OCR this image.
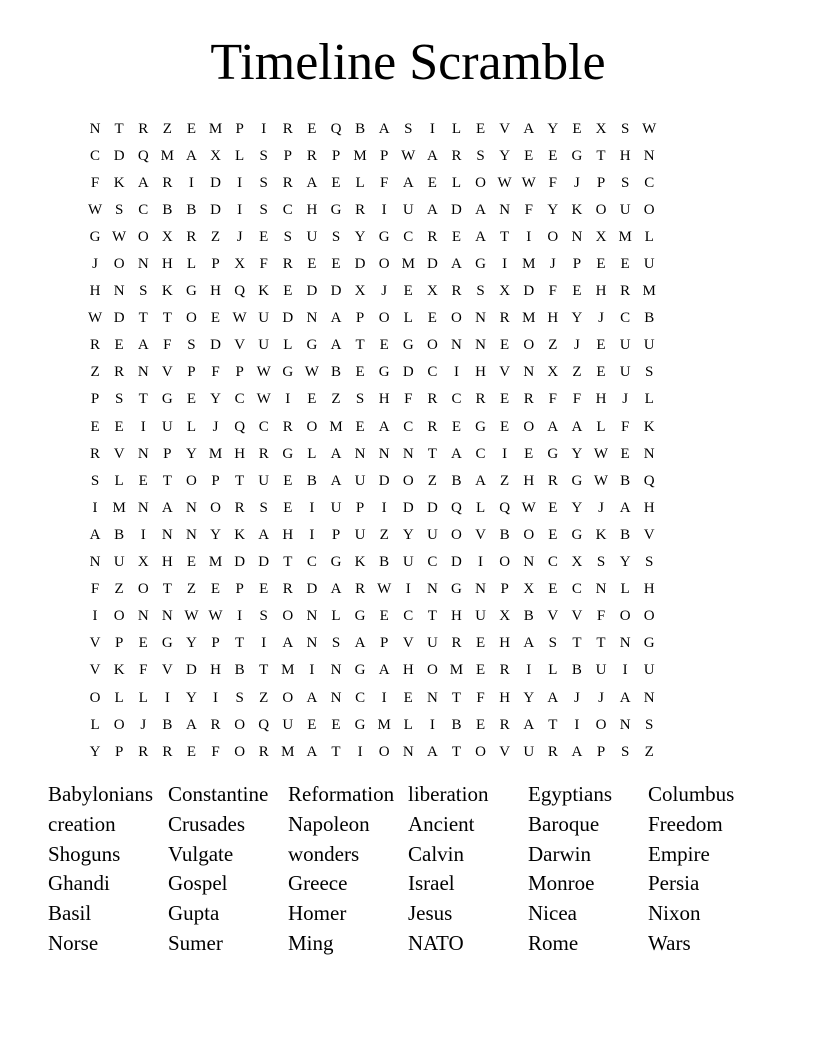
Timeline Scramble
N T R Z E M P	I	R E Q B A S	I	L E V A Y E X S W
C D Q M A X L	S	P R P M P W A R S Y E E G T H N
F K A R	I	D	I	S R A E L	F A E L O W W F	J	P	S C
W S C B B D	I	S C H G R	I	U A D A N F Y K O U O
G W O X R Z	J	E	S U S Y G C R E A T	I	O N X M L
J	O N H L	P X F R E E D O M D A G	I M J	P	E E U
H N S K G H Q K E D D X	J	E X R S X D F	E H R M
W D T T O E W U D N A P O L E O N R M H Y	J	C B
R E A F	S D V U L G A T E G O N N E O Z	J	E U U
Z R N V P	F	P W G W B E G D C	I	H V N X Z E U S
P	S	T G E Y C W I	E Z	S H F R C R E R F	F H	J	L
E E	I	U L	J	Q C R O M E A C R E G E O A A L	F K
R V N P Y M H R G L A N N N T A C	I	E G Y W E N
S	L E T O P	T U E B A U D O Z B A Z H R G W B Q
I M N A N O R S	E	I	U P	I	D D Q L Q W E Y	J	A H
A B	I	N N Y K A H	I	P U Z Y U O V B O E G K B V
N U X H E M D D T C G K B U C D	I	O N C X S Y S
F	Z O T Z E	P	E R D A R W I	N G N P X E C N L H
I	O N N W W I	S O N L G E C T H U X B V V F O O
V P	E G Y P	T	I	A N S A P V U R E H A S	T T N G
V K F V D H B T M I	N G A H O M E R	I	L B U	I	U
O L L	I	Y	I	S	Z O A N C	I	E N T	F H Y A	J	J	A N
L O	J	B A R O Q U E E G M L	I	B E R A T	I	O N S
Y P R R E	F O R M A T	I	O N A T O V U R A P	S	Z
Babylonians Constantine Reformation liberation	Egyptians	Columbus
creation	Crusades	Napoleon	Ancient	Baroque	Freedom
Shoguns	Vulgate	wonders	Calvin	Darwin	Empire
Ghandi	Gospel	Greece	Israel	Monroe	Persia
Basil	Gupta	Homer	Jesus	Nicea	Nixon
Norse	Sumer	Ming	NATO	Rome	Wars
